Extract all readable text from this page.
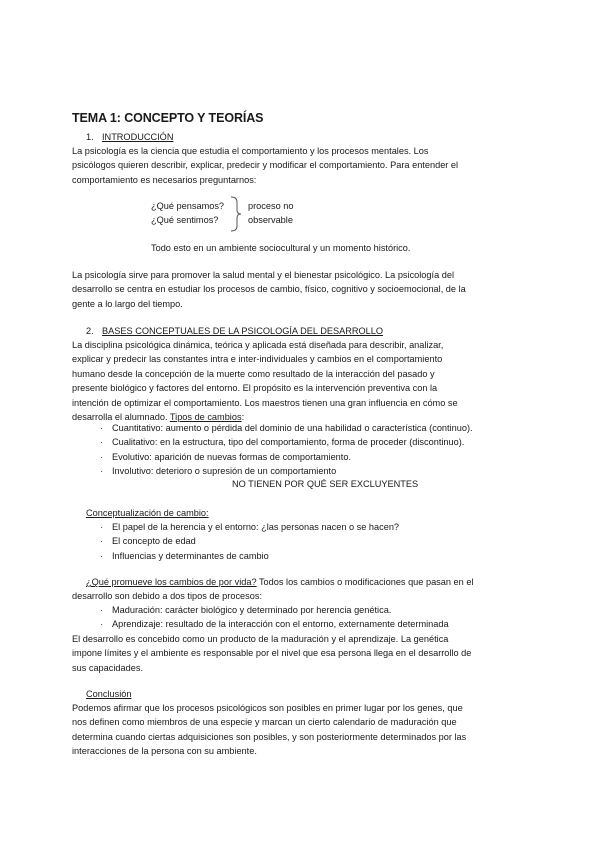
TEMA 1: CONCEPTO Y TEORÍAS
1. INTRODUCCIÓN
La psicología es la ciencia que estudia el comportamiento y los procesos mentales. Los
psicólogos quieren describir, explicar, predecir y modificar el comportamiento. Para entender el
comportamiento es necesarios preguntarnos:
¿Qué pensamos?
¿Qué sentimos?
proceso no
observable
Todo esto en un ambiente sociocultural y un momento histórico.
La psicología sirve para promover la salud mental y el bienestar psicológico. La psicología del
desarrollo se centra en estudiar los procesos de cambio, físico, cognitivo y socioemocional, de la
gente a lo largo del tiempo.
2. BASES CONCEPTUALES DE LA PSICOLOGÍA DEL DESARROLLO
La disciplina psicológica dinámica, teórica y aplicada está diseñada para describir, analizar,
explicar y predecir las constantes intra e inter-individuales y cambios en el comportamiento
humano desde la concepción de la muerte como resultado de la interacción del pasado y
presente biológico y factores del entorno. El propósito es la intervención preventiva con la
intención de optimizar el comportamiento. Los maestros tienen una gran influencia en cómo se
desarrolla el alumnado. Tipos de cambios:
· Cuantitativo: aumento o pérdida del dominio de una habilidad o característica (continuo).
· Cualitativo: en la estructura, tipo del comportamiento, forma de proceder (discontinuo).
· Evolutivo: aparición de nuevas formas de comportamiento.
· Involutivo: deterioro o supresión de un comportamiento
NO TIENEN POR QUÉ SER EXCLUYENTES
Conceptualización de cambio:
· El papel de la herencia y el entorno: ¿las personas nacen o se hacen?
· El concepto de edad
· Influencias y determinantes de cambio
¿Qué promueve los cambios de por vida? Todos los cambios o modificaciones que pasan en el
desarrollo son debido a dos tipos de procesos:
· Maduración: carácter biológico y determinado por herencia genética.
· Aprendizaje: resultado de la interacción con el entorno, externamente determinada
El desarrollo es concebido como un producto de la maduración y el aprendizaje. La genética
impone límites y el ambiente es responsable por el nivel que esa persona llega en el desarrollo de
sus capacidades.
Conclusión
Podemos afirmar que los procesos psicológicos son posibles en primer lugar por los genes, que
nos definen como miembros de una especie y marcan un cierto calendario de maduración que
determina cuando ciertas adquisiciones son posibles, y son posteriormente determinados por las
interacciones de la persona con su ambiente.
